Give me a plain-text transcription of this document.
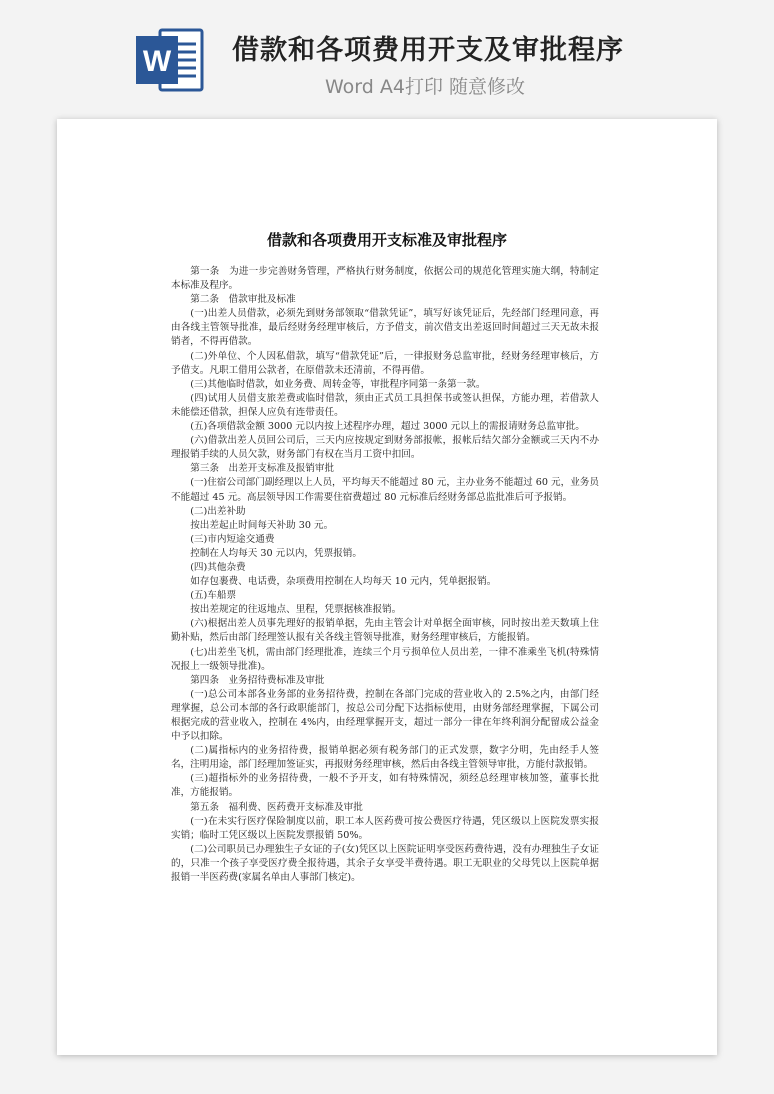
W 借款和各项费用开支及审批程序
Word A4打印 随意修改
借款和各项费用开支标准及审批程序

第一条　为进一步完善财务管理，严格执行财务制度，依据公司的规范化管理实施大纲，特制定本标准及程序。

第二条　借款审批及标准

(一)出差人员借款，必须先到财务部领取“借款凭证”，填写好该凭证后，先经部门经理同意，再由各线主管领导批准，最后经财务经理审核后，方予借支，前次借支出差返回时间超过三天无故未报销者，不得再借款。

(二)外单位、个人因私借款，填写“借款凭证”后，一律报财务总监审批，经财务经理审核后，方予借支。凡职工借用公款者，在原借款未还清前，不得再借。

(三)其他临时借款，如业务费、周转金等，审批程序同第一条第一款。

(四)试用人员借支旅差费或临时借款，须由正式员工具担保书或签认担保，方能办理，若借款人未能偿还借款，担保人应负有连带责任。

(五)各项借款金额 3000 元以内按上述程序办理，超过 3000 元以上的需报请财务总监审批。

(六)借款出差人员回公司后，三天内应按规定到财务部报帐，报帐后结欠部分金额或三天内不办理报销手续的人员欠款，财务部门有权在当月工资中扣回。

第三条　出差开支标准及报销审批

(一)住宿公司部门副经理以上人员，平均每天不能超过 80 元，主办业务不能超过 60 元，业务员不能超过 45 元。高层领导因工作需要住宿费超过 80 元标准后经财务部总监批准后可予报销。

(二)出差补助

按出差起止时间每天补助 30 元。

(三)市内短途交通费

控制在人均每天 30 元以内，凭票报销。

(四)其他杂费

如存包裹费、电话费，杂项费用控制在人均每天 10 元内，凭单据报销。

(五)车船票

按出差规定的往返地点、里程，凭票据核准报销。

(六)根据出差人员事先理好的报销单据，先由主管会计对单据全面审核，同时按出差天数填上住勤补贴，然后由部门经理签认报有关各线主管领导批准，财务经理审核后，方能报销。

(七)出差坐飞机，需由部门经理批准，连续三个月亏损单位人员出差，一律不准乘坐飞机(特殊情况报上一级领导批准)。

第四条　业务招待费标准及审批

(一)总公司本部各业务部的业务招待费，控制在各部门完成的营业收入的 2.5%之内，由部门经理掌握，总公司本部的各行政职能部门，按总公司分配下达指标使用，由财务部经理掌握，下属公司根据完成的营业收入，控制在 4%内，由经理掌握开支，超过一部分一律在年终利润分配留成公益金中予以扣除。

(二)属指标内的业务招待费，报销单据必须有税务部门的正式发票，数字分明，先由经手人签名，注明用途，部门经理加签证实，再报财务经理审核，然后由各线主管领导审批，方能付款报销。

(三)超指标外的业务招待费，一般不予开支，如有特殊情况，须经总经理审核加签，董事长批准，方能报销。

第五条　福利费、医药费开支标准及审批

(一)在未实行医疗保险制度以前，职工本人医药费可按公费医疗待遇，凭区级以上医院发票实报实销；临时工凭区级以上医院发票报销 50%。

(二)公司职员已办理独生子女证的子(女)凭区以上医院证明享受医药费待遇，没有办理独生子女证的，只准一个孩子享受医疗费全报待遇，其余子女享受半费待遇。职工无职业的父母凭以上医院单据报销一半医药费(家属名单由人事部门核定)。
